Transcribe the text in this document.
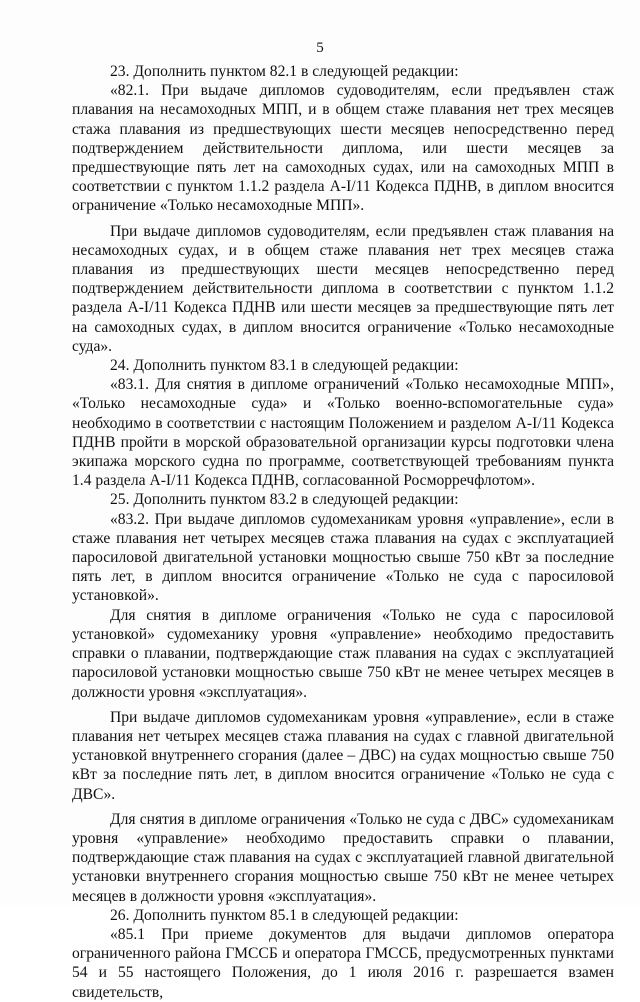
5

23. Дополнить пунктом 82.1 в следующей редакции:

«82.1. При выдаче дипломов судоводителям, если предъявлен стаж плавания на несамоходных МПП, и в общем стаже плавания нет трех месяцев стажа плавания из предшествующих шести месяцев непосредственно перед подтверждением действительности диплома, или шести месяцев за предшествующие пять лет на самоходных судах, или на самоходных МПП в соответствии с пунктом 1.1.2 раздела A-I/11 Кодекса ПДНВ, в диплом вносится ограничение «Только несамоходные МПП».

При выдаче дипломов судоводителям, если предъявлен стаж плавания на несамоходных судах, и в общем стаже плавания нет трех месяцев стажа плавания из предшествующих шести месяцев непосредственно перед подтверждением действительности диплома в соответствии с пунктом 1.1.2 раздела A-I/11 Кодекса ПДНВ или шести месяцев за предшествующие пять лет на самоходных судах, в диплом вносится ограничение «Только несамоходные суда».

24. Дополнить пунктом 83.1 в следующей редакции:

«83.1. Для снятия в дипломе ограничений «Только несамоходные МПП», «Только несамоходные суда» и «Только военно-вспомогательные суда» необходимо в соответствии с настоящим Положением и разделом A-I/11 Кодекса ПДНВ пройти в морской образовательной организации курсы подготовки члена экипажа морского судна по программе, соответствующей требованиям пункта 1.4 раздела A-I/11 Кодекса ПДНВ, согласованной Росморречфлотом».

25. Дополнить пунктом 83.2 в следующей редакции:

«83.2. При выдаче дипломов судомеханикам уровня «управление», если в стаже плавания нет четырех месяцев стажа плавания на судах с эксплуатацией паросиловой двигательной установки мощностью свыше 750 кВт за последние пять лет, в диплом вносится ограничение «Только не суда с паросиловой установкой».

Для снятия в дипломе ограничения «Только не суда с паросиловой установкой» судомеханику уровня «управление» необходимо предоставить справки о плавании, подтверждающие стаж плавания на судах с эксплуатацией паросиловой установки мощностью свыше 750 кВт не менее четырех месяцев в должности уровня «эксплуатация».

При выдаче дипломов судомеханикам уровня «управление», если в стаже плавания нет четырех месяцев стажа плавания на судах с главной двигательной установкой внутреннего сгорания (далее – ДВС) на судах мощностью свыше 750 кВт за последние пять лет, в диплом вносится ограничение «Только не суда с ДВС».

Для снятия в дипломе ограничения «Только не суда с ДВС» судомеханикам уровня «управление» необходимо предоставить справки о плавании, подтверждающие стаж плавания на судах с эксплуатацией главной двигательной установки внутреннего сгорания мощностью свыше 750 кВт не менее четырех месяцев в должности уровня «эксплуатация».

26. Дополнить пунктом 85.1 в следующей редакции:

«85.1 При приеме документов для выдачи дипломов оператора ограниченного района ГМССБ и оператора ГМССБ, предусмотренных пунктами 54 и 55 настоящего Положения, до 1 июля 2016 г. разрешается взамен свидетельств,
